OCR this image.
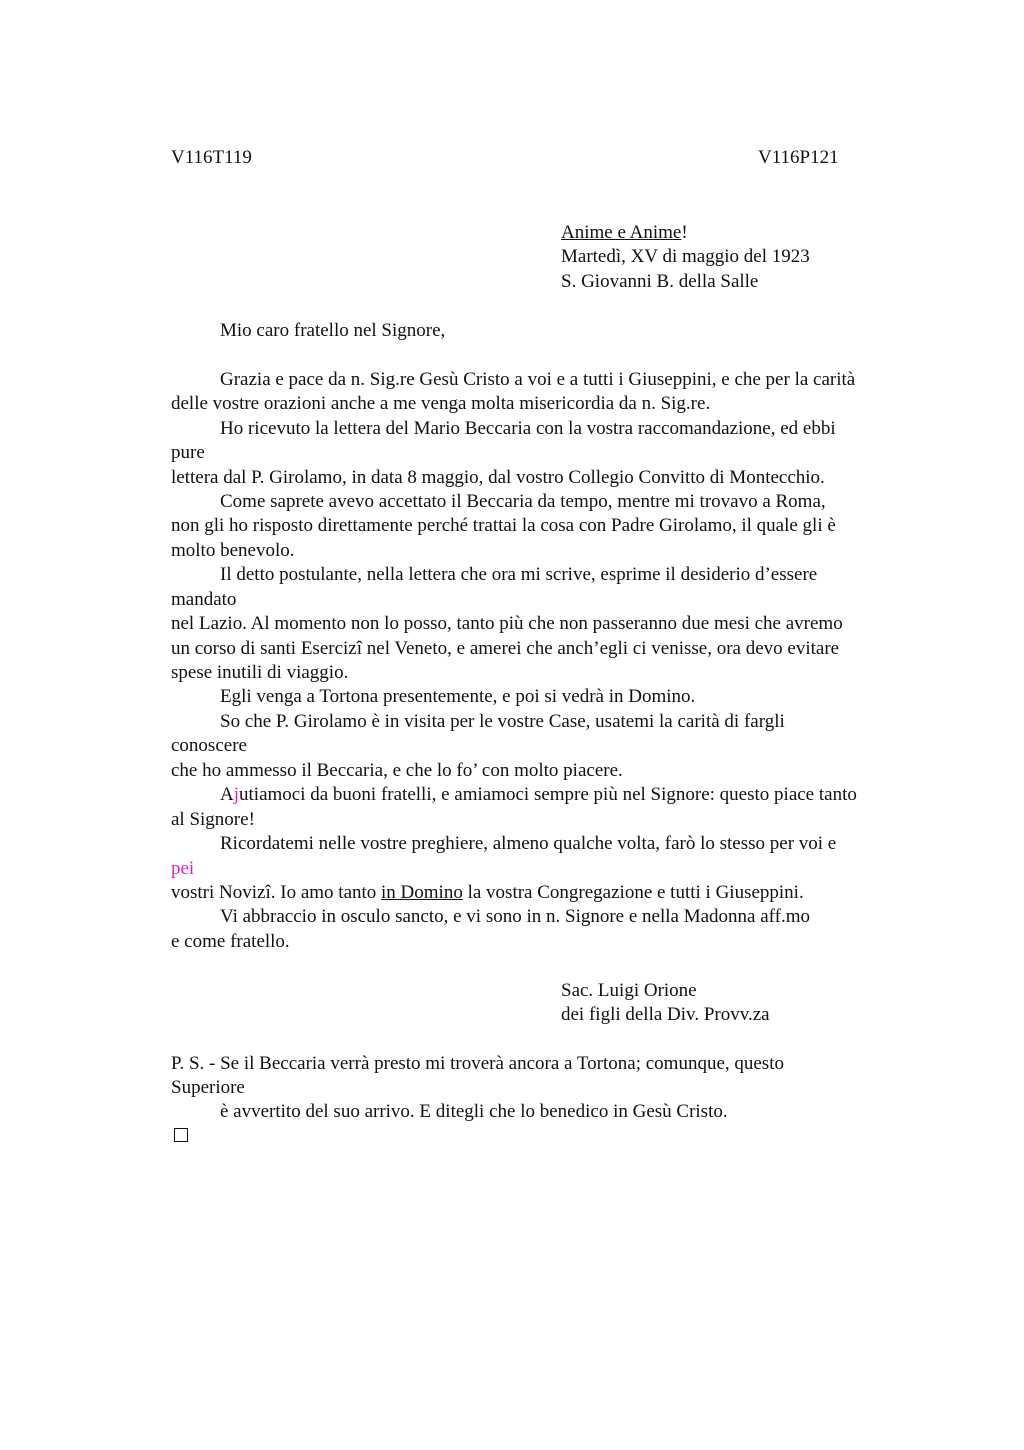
V116T119	V116P121
Anime e Anime!
Martedì, XV di maggio del 1923
S. Giovanni B. della Salle
Mio caro fratello nel Signore,
Grazia e pace da n. Sig.re Gesù Cristo a voi e a tutti i Giuseppini, e che per la carità
delle vostre orazioni anche a me venga molta misericordia da n. Sig.re.
Ho ricevuto la lettera del Mario Beccaria con la vostra raccomandazione, ed ebbi
pure
lettera dal P. Girolamo, in data 8 maggio, dal vostro Collegio Convitto di Montecchio.
Come saprete avevo accettato il Beccaria da tempo, mentre mi trovavo a Roma,
non gli ho risposto direttamente perché trattai la cosa con Padre Girolamo, il quale gli è
molto benevolo.
Il detto postulante, nella lettera che ora mi scrive, esprime il desiderio d’essere
mandato
nel Lazio. Al momento non lo posso, tanto più che non passeranno due mesi che avremo
un corso di santi Esercizî nel Veneto, e amerei che anch’egli ci venisse, ora devo evitare
spese inutili di viaggio.
Egli venga a Tortona presentemente, e poi si vedrà in Domino.
So che P. Girolamo è in visita per le vostre Case, usatemi la carità di fargli
conoscere
che ho ammesso il Beccaria, e che lo fo’ con molto piacere.
Ajutiamoci da buoni fratelli, e amiamoci sempre più nel Signore: questo piace tanto
al Signore!
Ricordatemi nelle vostre preghiere, almeno qualche volta, farò lo stesso per voi e
pei
vostri Novizî. Io amo tanto in Domino la vostra Congregazione e tutti i Giuseppini.
Vi abbraccio in osculo sancto, e vi sono in n. Signore e nella Madonna aff.mo
e come fratello.
Sac. Luigi Orione
dei figli della Div. Provv.za
P. S. - Se il Beccaria verrà presto mi troverà ancora a Tortona; comunque, questo
Superiore
è avvertito del suo arrivo. E ditegli che lo benedico in Gesù Cristo.
